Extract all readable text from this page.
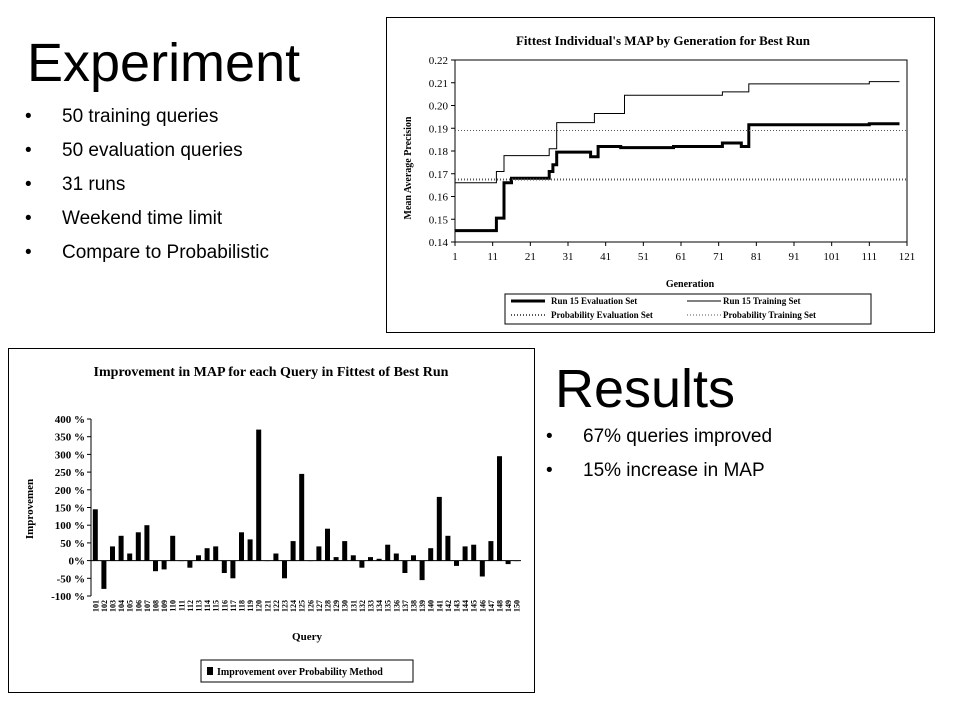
Experiment
• 50 training queries
• 50 evaluation queries
• 31 runs
• Weekend time limit
• Compare to Probabilistic
Results
• 67% queries improved
• 15% increase in MAP
Fittest Individual's MAP by Generation for Best Run
Mean Average Precision
Generation
0.14
0.15
0.16
0.17
0.18
0.19
0.20
0.21
0.22
1	11 21 31 41 51 61 71 81 91 101 111 121
Run 15 Evaluation Set	Run 15 Training Set
Probability Evaluation Set	Probability Training Set
Improvement in MAP for each Query in Fittest of Best Run
Improvemen
Query
-100 %
-50 %
0%
50 %
100 %
150 %
200 %
250 %
300 %
350 %
400 %
101 102 103 104 105 106 107 108 109 110 111 112 113 114 115 116 117 118 119 120 121 122 123 124 125 126 127 128 129 130 131 132 133 134 135 136 137 138 139 140 141 142 143 144 145 146 147 148 149 150
Improvement over Probability Method
